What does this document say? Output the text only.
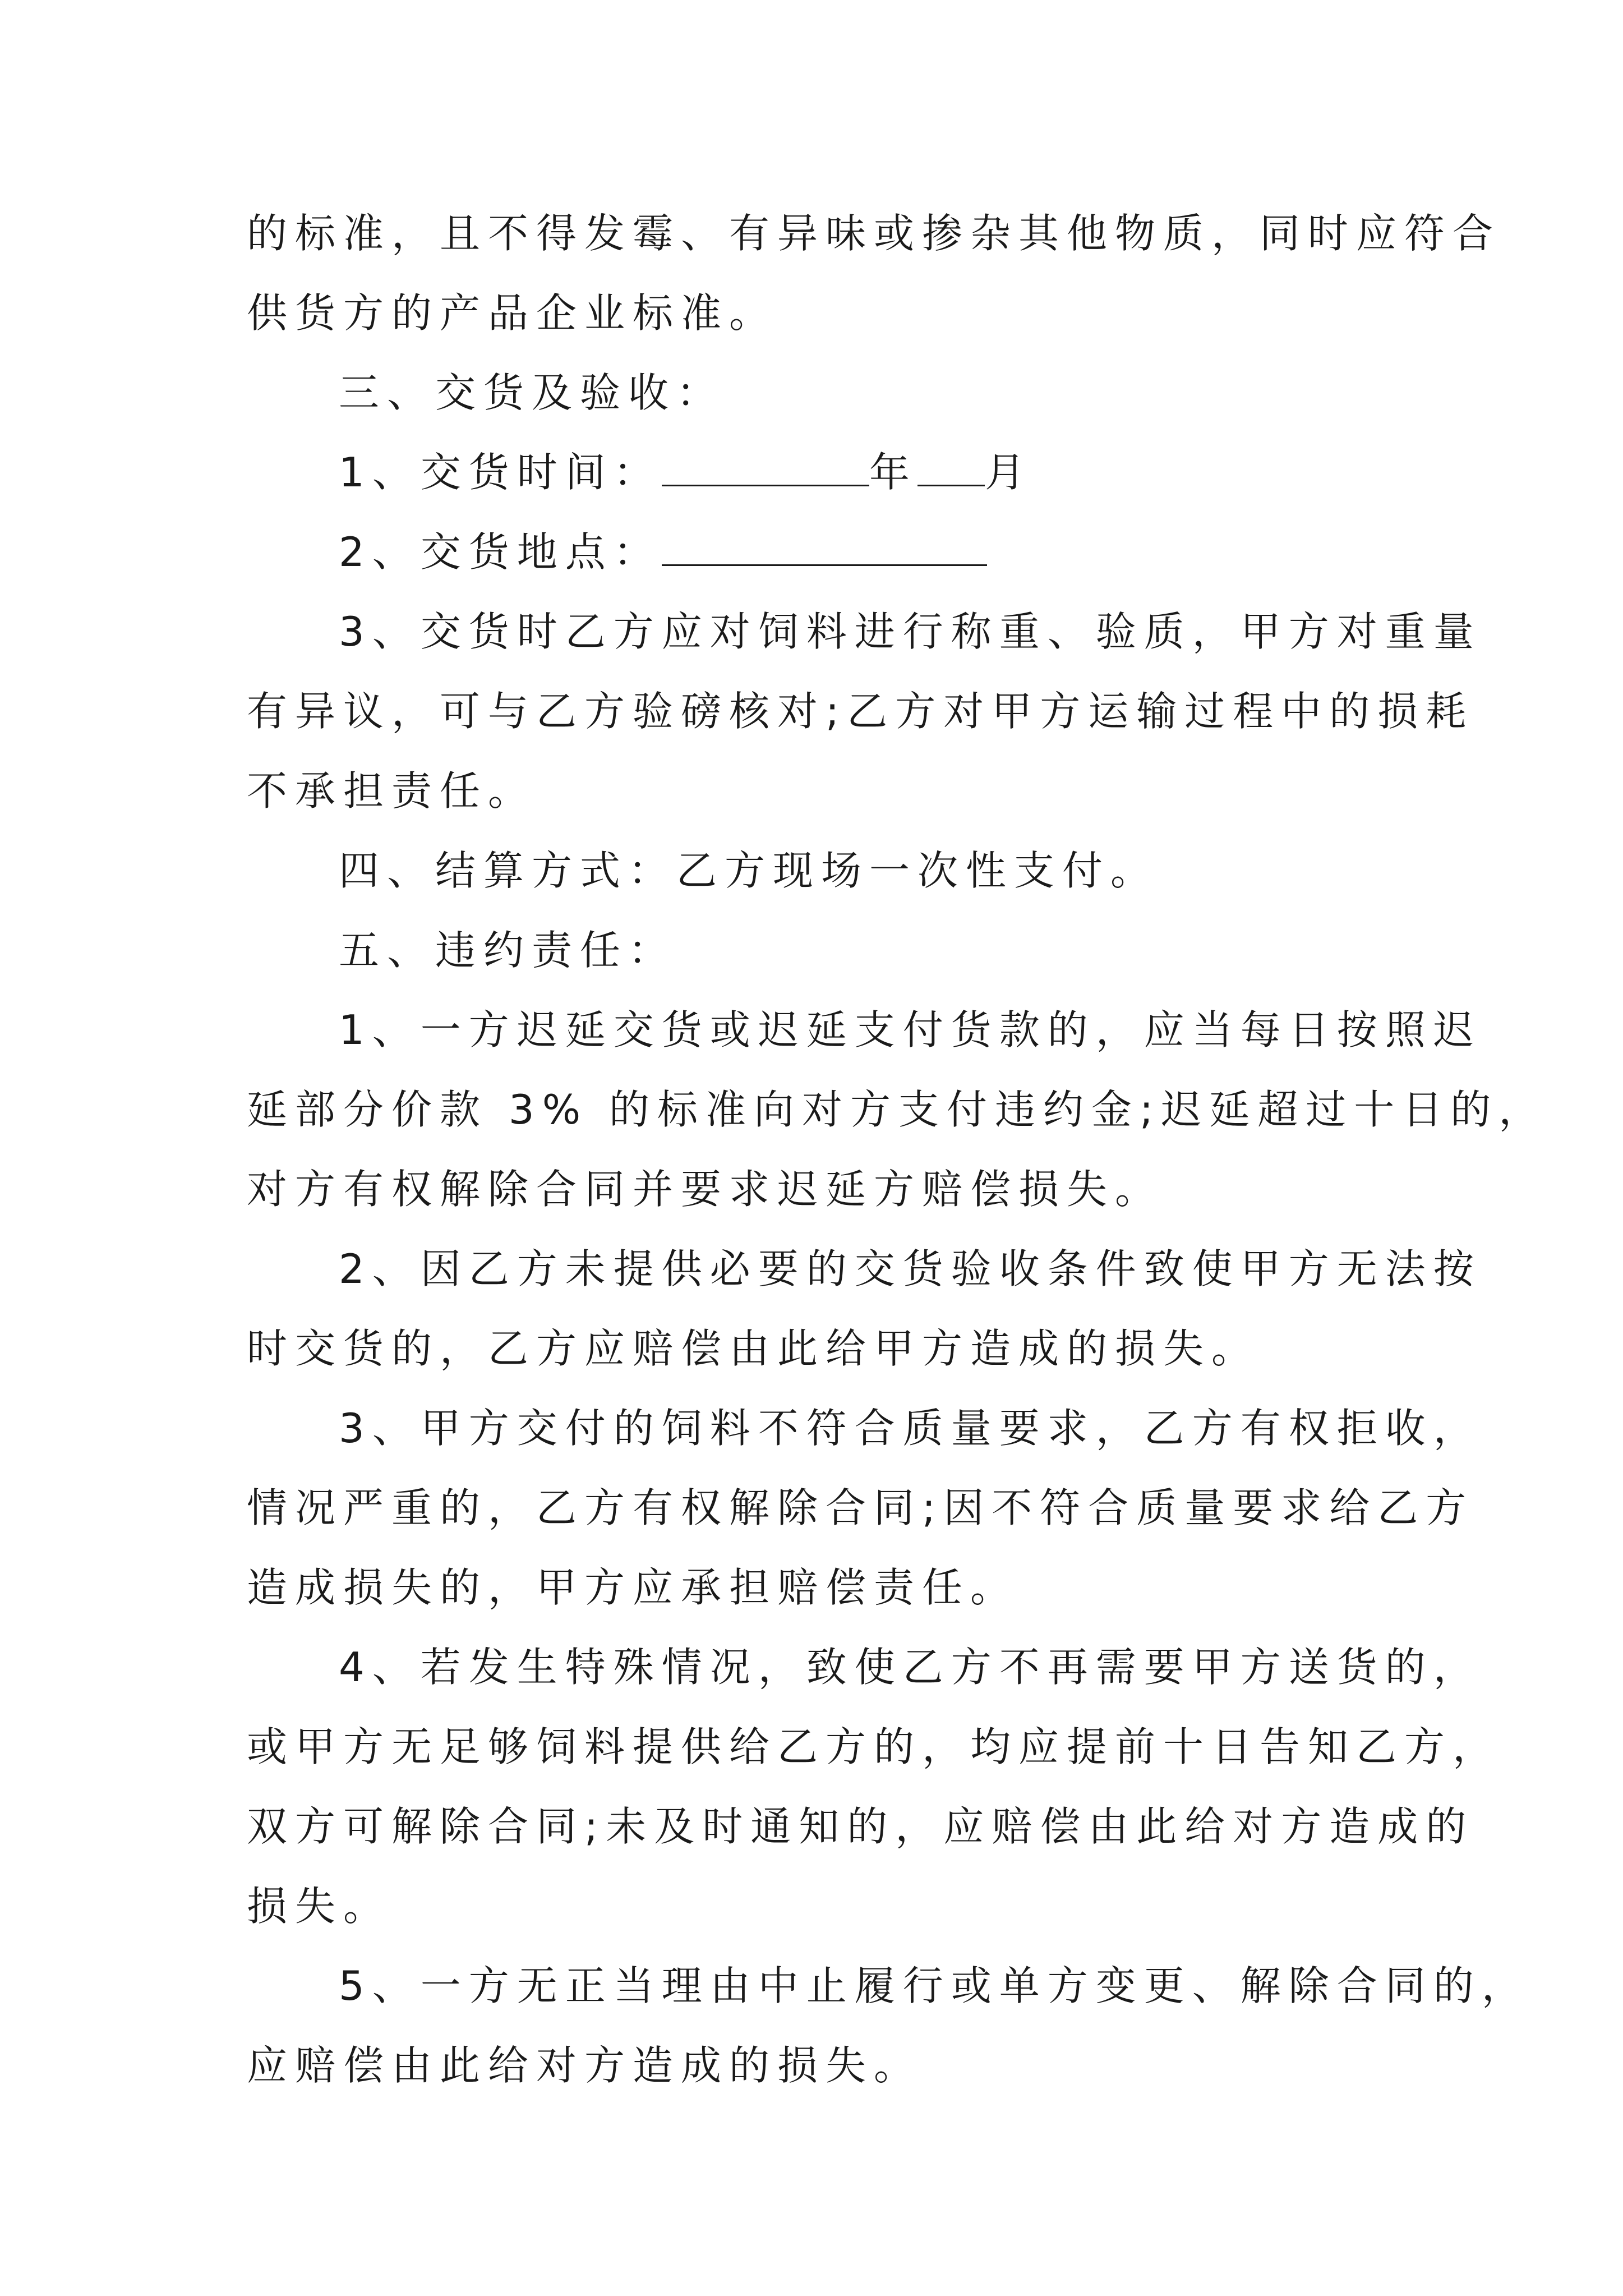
的标准，且不得发霉、有异味或掺杂其他物质，同时应符合
供货方的产品企业标准。
三、交货及验收：
1、交货时间：	年 月
2、交货地点：
3、交货时乙方应对饲料进行称重、验质，甲方对重量
有异议，可与乙方验磅核对;乙方对甲方运输过程中的损耗
不承担责任。
四、结算方式：乙方现场一次性支付。
五、违约责任：
1、一方迟延交货或迟延支付货款的，应当每日按照迟
延部分价款 3% 的标准向对方支付违约金;迟延超过十日的，
对方有权解除合同并要求迟延方赔偿损失。
2、因乙方未提供必要的交货验收条件致使甲方无法按
时交货的，乙方应赔偿由此给甲方造成的损失。
3、甲方交付的饲料不符合质量要求，乙方有权拒收，
情况严重的，乙方有权解除合同;因不符合质量要求给乙方
造成损失的，甲方应承担赔偿责任。
4、若发生特殊情况，致使乙方不再需要甲方送货的，
或甲方无足够饲料提供给乙方的，均应提前十日告知乙方，
双方可解除合同;未及时通知的，应赔偿由此给对方造成的
损失。
5、一方无正当理由中止履行或单方变更、解除合同的，
应赔偿由此给对方造成的损失。
